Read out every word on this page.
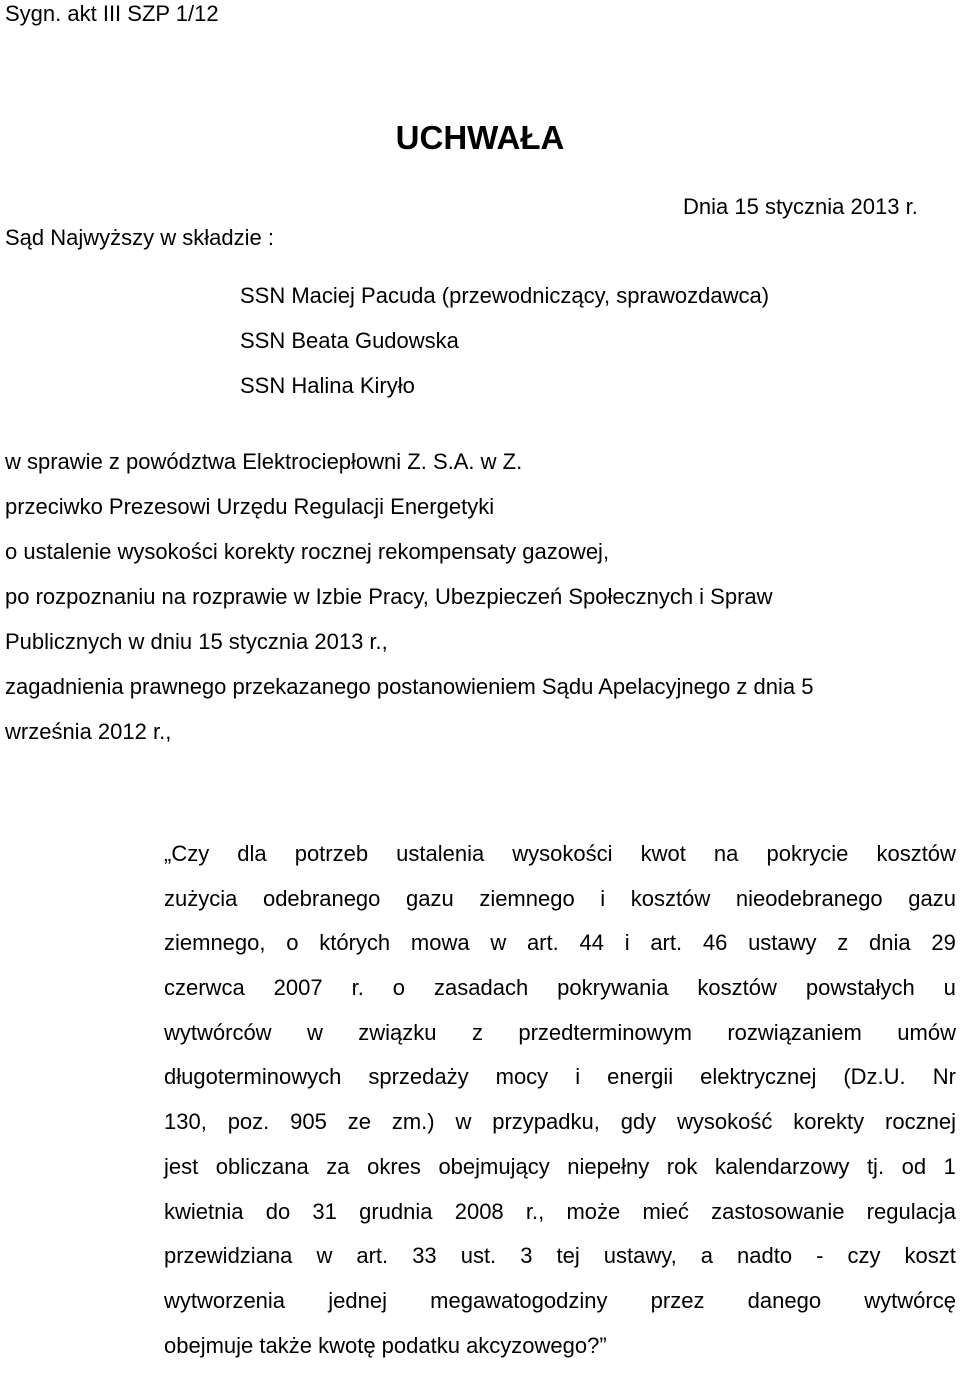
Sygn. akt III SZP 1/12
UCHWAŁA
Dnia 15 stycznia 2013 r.
Sąd Najwyższy w składzie :
SSN Maciej Pacuda (przewodniczący, sprawozdawca)
SSN Beata Gudowska
SSN Halina Kiryło
w sprawie z powództwa Elektrociepłowni Z. S.A. w Z.
przeciwko Prezesowi Urzędu Regulacji Energetyki
o ustalenie wysokości korekty rocznej rekompensaty gazowej,
po rozpoznaniu na rozprawie w Izbie Pracy, Ubezpieczeń Społecznych i Spraw
Publicznych w dniu 15 stycznia 2013 r.,
zagadnienia prawnego przekazanego postanowieniem Sądu Apelacyjnego z dnia 5
września 2012 r.,
„Czy dla potrzeb ustalenia wysokości kwot na pokrycie kosztów
zużycia odebranego gazu ziemnego i kosztów nieodebranego gazu
ziemnego, o których mowa w art. 44 i art. 46 ustawy z dnia 29
czerwca 2007 r. o zasadach pokrywania kosztów powstałych u
wytwórców w związku z przedterminowym rozwiązaniem umów
długoterminowych sprzedaży mocy i energii elektrycznej (Dz.U. Nr
130, poz. 905 ze zm.) w przypadku, gdy wysokość korekty rocznej
jest obliczana za okres obejmujący niepełny rok kalendarzowy tj. od 1
kwietnia do 31 grudnia 2008 r., może mieć zastosowanie regulacja
przewidziana w art. 33 ust. 3 tej ustawy, a nadto - czy koszt
wytworzenia jednej megawatogodziny przez danego wytwórcę
obejmuje także kwotę podatku akcyzowego?”
